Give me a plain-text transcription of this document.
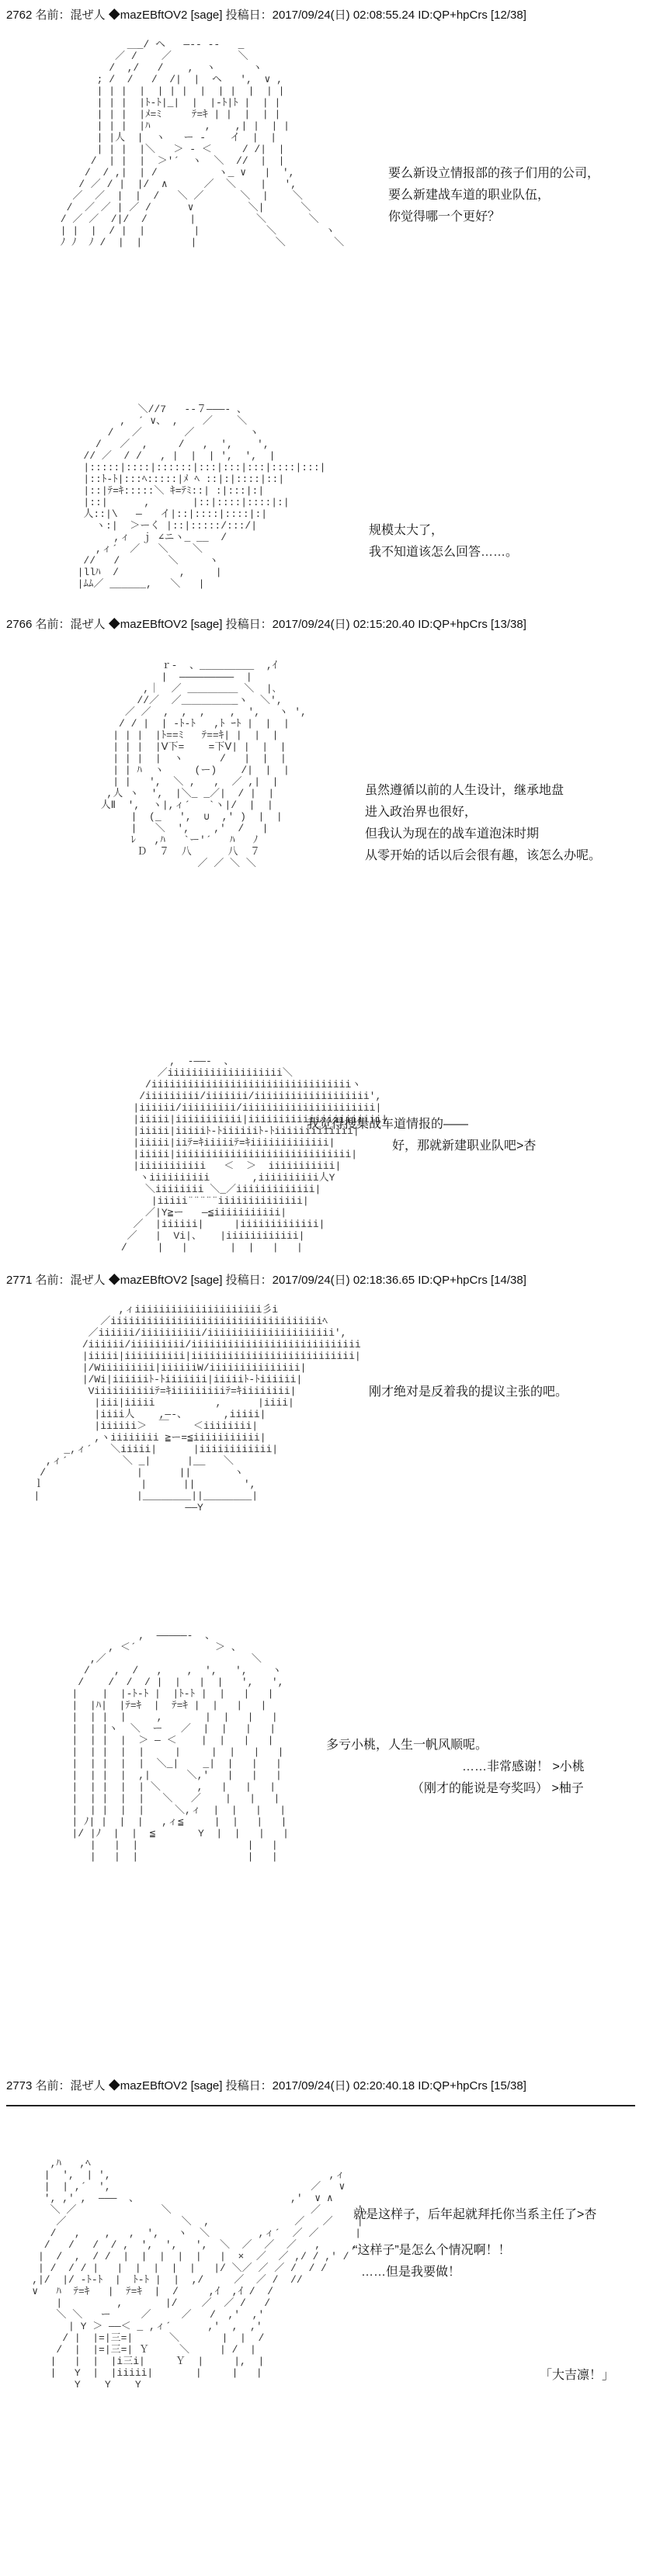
2762 名前：混ぜ人 ◆mazEBftOV2 [sage] 投稿日：2017/09/24(日) 02:08:55.24 ID:QP+hpCrs [12/38]
＿_/ ヘ   ―-- --   _
／ /    ／           ＼
/  ,/   /    ,  ヽ      ヽ
; /  /   /  /|  |  ヘ   ',  ∨ ,
| | |  |  | | |  |  | |  |  | |
| | |  |ﾄ-ﾄ|_|  |  |-ﾄ|ﾄ |  | |
| | |  |ﾒ=ﾐ     ﾃ=ｷ | |  |  | |
| | |  |ﾊ         ,    ,| |  | |
| |人  |  ヽ   ー ‐    イ  |  |
| | |  |＼   ＞ ‐ ＜     / /|  |
/  | |  |  ＞'´  ヽ  ＼  //  |  |
/  / ,|  | /          ヽ_ ∨   |  ',
/ ／ / |  |/  ∧      ／  ＼    |   ',
／  ／  |  |  /   ＼ ／      ＼  |    ＼
/  ／ ／ | ／ /      ∨         ＼|      ＼
/ ／ ／  /|/  /       |          ＼       ＼
| |  |  / |  |        |           ＼        ヽ
ﾉ ﾉ  ﾉ /  |  |        |             ＼        ＼
要么新设立情报部的孩子们用的公司，
要么新建战车道的职业队伍，
你觉得哪一个更好？
＼//7   --７―――- 、
,  ´ ∨、 ,    ／    ＼
/   ／       ／         ヽ
/   ／  ,     /   ,  ',    ',
// ／  / /   , |  |  | ',  ',  |
|:::::|::::|::::::|:::|:::|:::|::::|:::|
|::ﾄ-ﾄ|:::ﾍ:::::|ﾒ ﾍ ::|:|::::|::|
|::|ﾃ=ｷ:::::＼ ｷ=ﾃﾐ::| :|:::|:|
|::|      ,       |::|::::|::::|:|
人::|\   ―   イ|::|::::|::::|:|
ヽ:|  ＞ーく |::|:::::/:::/|
,ィ  ｊ ∠ニヽ_ __  /
,ィ´  ／   ＼    ＼
//   /        ＼     ヽ
|llﾊ  /          ,     |
|ﾑﾑ／ ______,   ＼   |
规模太大了，
我不知道该怎么回答……。
2766 名前：混ぜ人 ◆mazEBftOV2 [sage] 投稿日：2017/09/24(日) 02:15:20.40 ID:QP+hpCrs [13/38]
ｒ‐  、_________  ,ｲ
|  ―――――――――  |
,｜  ／ ＿＿＿＿＿ ＼  |､
//／  ／＿＿＿＿＿_ヽ  ＼',
／ ／  ,  ,  ,    ,  ',   ヽ ',
/ / |  | -ﾄ-ﾄ   ,ﾄ ｰﾄ |  |  |
| | |  |ﾄ==ﾐ   ﾃ==ｷ| |  |  |
| | |  |Ⅴ下=    =下Ⅴ| |  |  |
| | |  |  ヽ      /   |  |  |
| | ﾊ  ヽ     (ー)    /|  |  |
| |   ',  ＼ ,   ,  ／ ,|  |
,人 ヽ  ',  |＼_ _／|  / |  |
人Ⅱ  ',  ヽ|,ィ´   `ヽ|/  |  |
|  (_   ',  ∪  ,' )  |  |
|   ＼  ',    ,'  /   |
ﾚ   ,ﾊ   `ー'´   ﾊ   ﾉ
Ｄ  ７  八      八  ７
／ ／ ＼ ＼
虽然遵循以前的人生设计，继承地盘
进入政治界也很好，
但我认为现在的战车道泡沫时期
从零开始的话以后会很有趣，该怎么办呢。
,  ‐――‐  、
／iiiiiiiiiiiiiiiiiii＼
/iiiiiiiiiiiiiiiiiiiiiiiiiiiiiiiiiヽ
/iiiiiiiii/iiiiiii/iiiiiiiiiiiiiiiiiii',
|iiiiii/iiiiiiiii/iiiiiiiiiiiiiiiiiiiiii|
|iiiii|iiiiiiiiiii|iiiiiiiiiiiiiiiiiiiiii|
|iiiii|iiiiiﾄ-ﾄiiiiiiﾄ-ﾄiiiiiiiiiiiii|
|iiiii|iiﾃ=ｷiiiiiﾃ=ｷiiiiiiiiiiiii|
|iiiii|iiiiiiiiiiiiiiiiiiiiiiiiiiiii|
|iiiiiiiiiii   ＜  ＞  iiiiiiiiiii|
ヽiiiiiiiiii       ,iiiiiiiiii人Y
＼iiiiiiii ＼_／iiiiiiiiiiiii|
|iiiii¨¨¨¨¨iiiiiiiiiiiiii|
／|Y≧ー   ―≦iiiiiiiiiii|
／  |iiiiii|     |iiiiiiiiiiiii|
／   |  Vi|、   |iiiiiiiiiiii|
/     |   |       |  |   |   |
我觉得搜集战车道情报的——
好，那就新建职业队吧>杏
2771 名前：混ぜ人 ◆mazEBftOV2 [sage] 投稿日：2017/09/24(日) 02:18:36.65 ID:QP+hpCrs [14/38]
,ィiiiiiiiiiiiiiiiiiiiii彡i
／iiiiiiiiiiiiiiiiiiiiiiiiiiiiiiiiiiiﾍ
／iiiiii/iiiiiiiiii/iiiiiiiiiiiiiiiiiiiii',
/iiiiii/iiiiiiiii/iiiiiiiiiiiiiiiiiiiiiiiiiiii
|iiiii|iiiiiiiiii|iiiiiiiiiiiiiiiiiiiiiiiiiii|
|/Wiiiiiiiii|iiiiiiW/iiiiiiiiiiiiiii|
|/Wi|iiiiiiﾄ-ﾄiiiiiii|iiiiiﾄ-ﾄiiiiii|
Viiiiiiiiiiﾃ=ｷiiiiiiiiiﾃ=ｷiiiiiiii|
|iii|iiiii          ,      |iiii|
|iiii人    ,―‐、      ,iiiii|
|iiiiii＞  ￣    ＜iiiiiiii|
,ヽiiiiiiii ≧ー=≦iiiiiiiiiii|
_,ィ´   ＼iiiii|      |iiiiiiiiiiii|
,ィ´         ＼ _|      |__   ＼
/               |      ||       ヽ
ｌ                |      ||        ',
|                |________||________|
――Y
刚才绝对是反着我的提议主张的吧。
,  ―――――‐  、
, ＜´             ＞ 、
,／                        ＼
/    ,  /   ,    ,  ',   ',    ヽ
/    /  /  / |  |   |  |   ',   ',
|    |  |-ﾄ-ﾄ |  |ﾄ-ﾄ |  |   |   |
|  |ﾊ|  |ﾃ=ｷ  |  ﾃ=ｷ |  |   |   |
|  | |  |     ,       |  |   |   |
|  | |ヽ  ＼  ー   ／  |  |   |   |
|  | |  |  ＞ ― ＜    |  |   |   |
|  | |  |  |     |     |  |   |   |
|  | |  |  |  ＼_|    _|  |   |   |
|  | |  |  ,|      ＼,'   |   |   |
|  | |  |  | ＼      ,   |   |   |
|  | |  |  |   ＼   ／    |   |   |
|  | |  |  |     ＼,ィ  |  |   |   |
| ﾉ| |  |  |   ,ィ≦     |  |   |   |
|/ |ﾉ  |  |  ≦       Y  |  |   |   |
|   |  |                  |   |
|   |  |                  |   |
多亏小桃，人生一帆风顺呢。
……非常感谢！ >小桃
（刚才的能说是夸奖吗） >柚子
2773 名前：混ぜ人 ◆mazEBftOV2 [sage] 投稿日：2017/09/24(日) 02:20:40.18 ID:QP+hpCrs [15/38]
,ﾊ   ,ﾍ
|  ',  | ',                                    ,ィ
|  | ,´  ',                                 ／   ∨
', ,' ,  ―――  、                         ,'  ∨ ∧
＼ ／              ＼                       ／      ',
／                   ＼  ,              ／   ／    |
/   ,    ,   ,  ',   ヽ  ＼        ,ィ´  ／ ／      |
/   /   /  / ,  ',  ',   ',  ＼  ／  ／  ／   ,     ,
|  /  ,  / /  |  |  |  |  |   |  ×  ／  ／ ,/ / ,' /
| /  / / |   |  |  |  |  |   |/ ＼／ ／ ／ /  / /
,|/  |/ -ﾄ-ﾄ  |  ﾄ-ﾄ |  |  ,/     ／  ／ /  //
∨   ﾊ  ﾃ=ｷ   |  ﾃ=ｷ  |  /     ,ｲ  ,ｲ /  /
|         ,       |/    ／  ／ /   /
＼ ＼   ー     ／     ／   /  ,'  ,'
| Y ＞ ――＜ _ ,ィ´      ,'  ,  ,'
/ |  |=|三=|      ＼       |  |  /
/  |  |=|三=| Ｙ     ＼     | /  |
|   |  |  |i三i|     Ｙ  |     |,  |
|   Y  |  |iiiii|       |     |   |
Y    Y    Y
就是这样子，后年起就拜托你当系主任了>杏
“这样子”是怎么个情况啊！！
……但是我要做！
「大吉凛！」
